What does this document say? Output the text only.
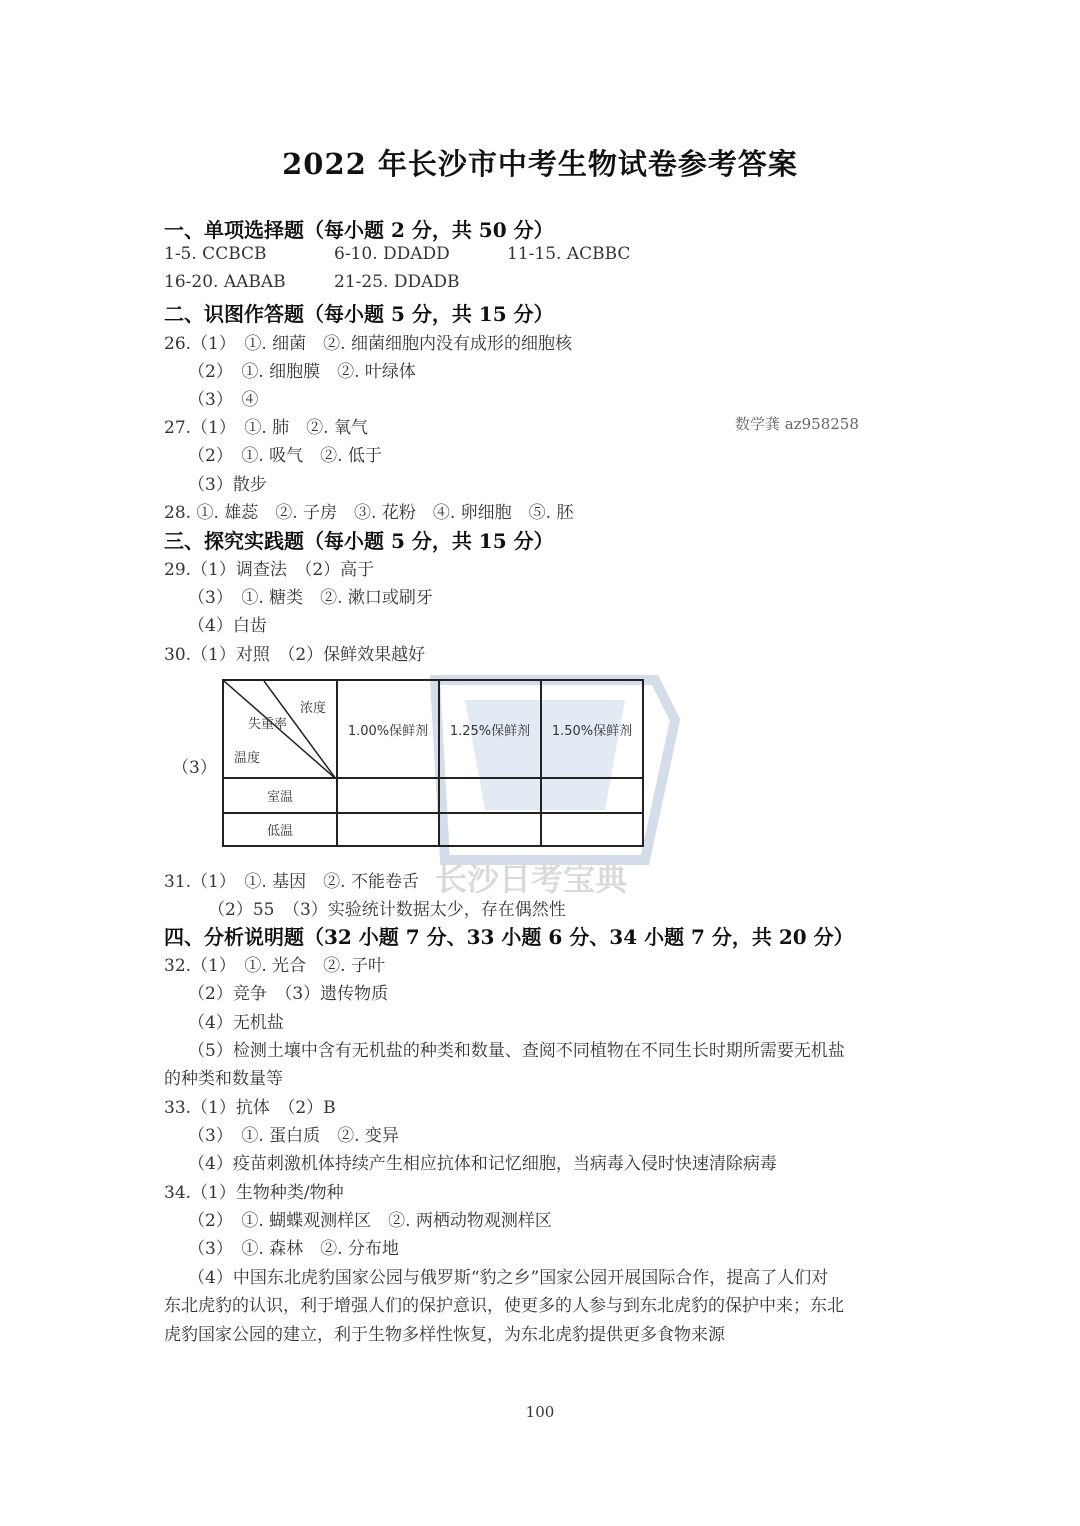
长沙日考宝典
2022 年长沙市中考生物试卷参考答案
一、单项选择题（每小题 2 分，共 50 分）
1-5. CCBCB	6-10. DDADD	11-15. ACBBC
16-20. AABAB	21-25. DDADB
二、识图作答题（每小题 5 分，共 15 分）
26.（1）　①. 细菌　②. 细菌细胞内没有成形的细胞核
（2）　①. 细胞膜　②. 叶绿体
（3）　④
27.（1）　①. 肺　②. 氧气	数学龚 az958258
（2）　①. 吸气　②. 低于
（3）散步
28. ①. 雄蕊　②. 子房　③. 花粉　④. 卵细胞　⑤. 胚
三、探究实践题（每小题 5 分，共 15 分）
29.（1）调查法　（2）高于
（3）　①. 糖类　②. 漱口或刷牙
（4）白齿
30.（1）对照　（2）保鲜效果越好
（3）
浓度
失重率
温度	1.00%保鲜剂	1.25%保鲜剂	1.50%保鲜剂
室温			
低温			
31.（1）　①. 基因　②. 不能卷舌
（2）55　（3）实验统计数据太少，存在偶然性
四、分析说明题（32 小题 7 分、33 小题 6 分、34 小题 7 分，共 20 分）
32.（1）　①. 光合　②. 子叶
（2）竞争　（3）遗传物质
（4）无机盐
（5）检测土壤中含有无机盐的种类和数量、查阅不同植物在不同生长时期所需要无机盐
的种类和数量等
33.（1）抗体　（2）B
（3）　①. 蛋白质　②. 变异
（4）疫苗刺激机体持续产生相应抗体和记忆细胞，当病毒入侵时快速清除病毒
34.（1）生物种类/物种
（2）　①. 蝴蝶观测样区　②. 两栖动物观测样区
（3）　①. 森林　②. 分布地
（4）中国东北虎豹国家公园与俄罗斯“豹之乡”国家公园开展国际合作，提高了人们对
东北虎豹的认识，利于增强人们的保护意识，使更多的人参与到东北虎豹的保护中来；东北
虎豹国家公园的建立，利于生物多样性恢复，为东北虎豹提供更多食物来源
100
